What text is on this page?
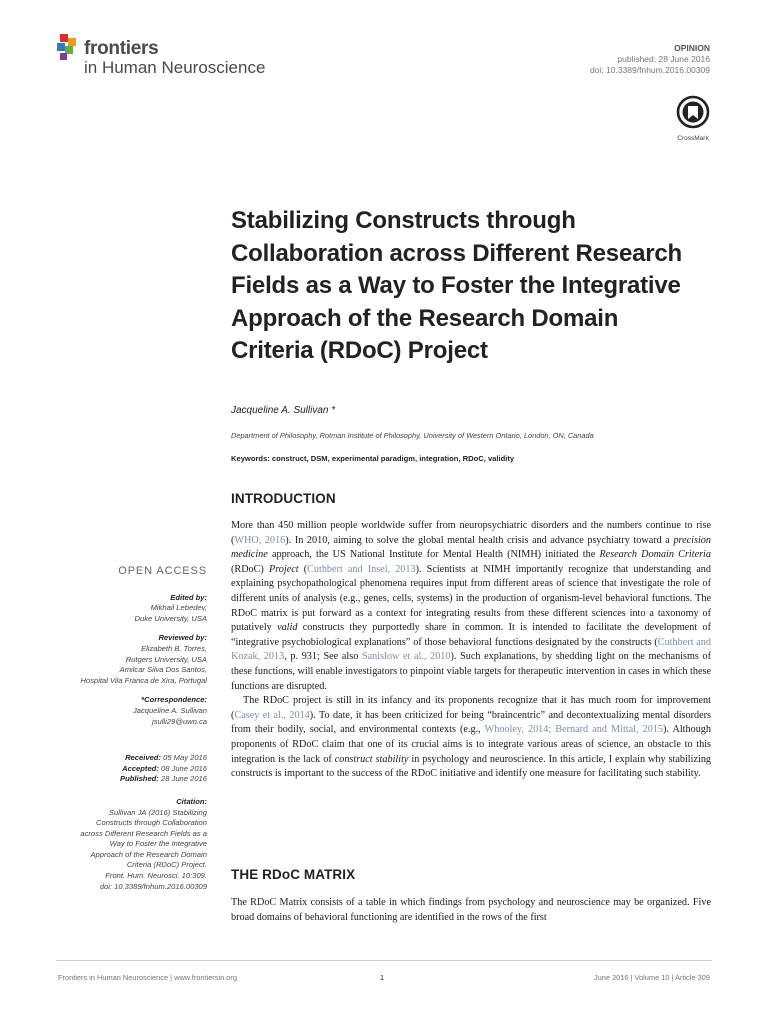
frontiers
in Human Neuroscience
OPINION
published: 28 June 2016
doi: 10.3389/fnhum.2016.00309
CrossMark
Stabilizing Constructs through Collaboration across Different Research Fields as a Way to Foster the Integrative Approach of the Research Domain Criteria (RDoC) Project
Jacqueline A. Sullivan *
Department of Philosophy, Rotman Institute of Philosophy, University of Western Ontario, London, ON, Canada
Keywords: construct, DSM, experimental paradigm, integration, RDoC, validity
INTRODUCTION

More than 450 million people worldwide suffer from neuropsychiatric disorders and the numbers continue to rise (WHO, 2016). In 2010, aiming to solve the global mental health crisis and advance psychiatry toward a precision medicine approach, the US National Institute for Mental Health (NIMH) initiated the Research Domain Criteria (RDoC) Project (Cuthbert and Insel, 2013). Scientists at NIMH importantly recognize that understanding and explaining psychopathological phenomena requires input from different areas of science that investigate the role of different units of analysis (e.g., genes, cells, systems) in the production of organism-level behavioral functions. The RDoC matrix is put forward as a context for integrating results from these different sciences into a taxonomy of putatively valid constructs they purportedly share in common. It is intended to facilitate the development of “integrative psychobiological explanations” of those behavioral functions designated by the constructs (Cuthbert and Kozak, 2013, p. 931; See also Sanislow et al., 2010). Such explanations, by shedding light on the mechanisms of these functions, will enable investigators to pinpoint viable targets for therapeutic intervention in cases in which these functions are disrupted.

The RDoC project is still in its infancy and its proponents recognize that it has much room for improvement (Casey et al., 2014). To date, it has been criticized for being “braincentric” and decontextualizing mental disorders from their bodily, social, and environmental contexts (e.g., Whooley, 2014; Bernard and Mittal, 2015). Although proponents of RDoC claim that one of its crucial aims is to integrate various areas of science, an obstacle to this integration is the lack of construct stability in psychology and neuroscience. In this article, I explain why stabilizing constructs is important to the success of the RDoC initiative and identify one measure for facilitating such stability.

THE RDoC MATRIX

The RDoC Matrix consists of a table in which findings from psychology and neuroscience may be organized. Five broad domains of behavioral functioning are identified in the rows of the first

OPEN ACCESS
Edited by:
Mikhail Lebedev,
Duke University, USA
Reviewed by:
Elizabeth B. Torres,
Rutgers University, USA
Amilcar Silva Dos Santos,
Hospital Vila Franca de Xira, Portugal
*Correspondence:
Jacqueline A. Sullivan
jsulli29@uwo.ca
Received: 05 May 2016
Accepted: 08 June 2016
Published: 28 June 2016
Citation:
Sullivan JA (2016) Stabilizing
Constructs through Collaboration
across Different Research Fields as a
Way to Foster the Integrative
Approach of the Research Domain
Criteria (RDoC) Project.
Front. Hum. Neurosci. 10:309.
doi: 10.3389/fnhum.2016.00309
Frontiers in Human Neuroscience | www.frontiersin.org	1	June 2016 | Volume 10 | Article 309
